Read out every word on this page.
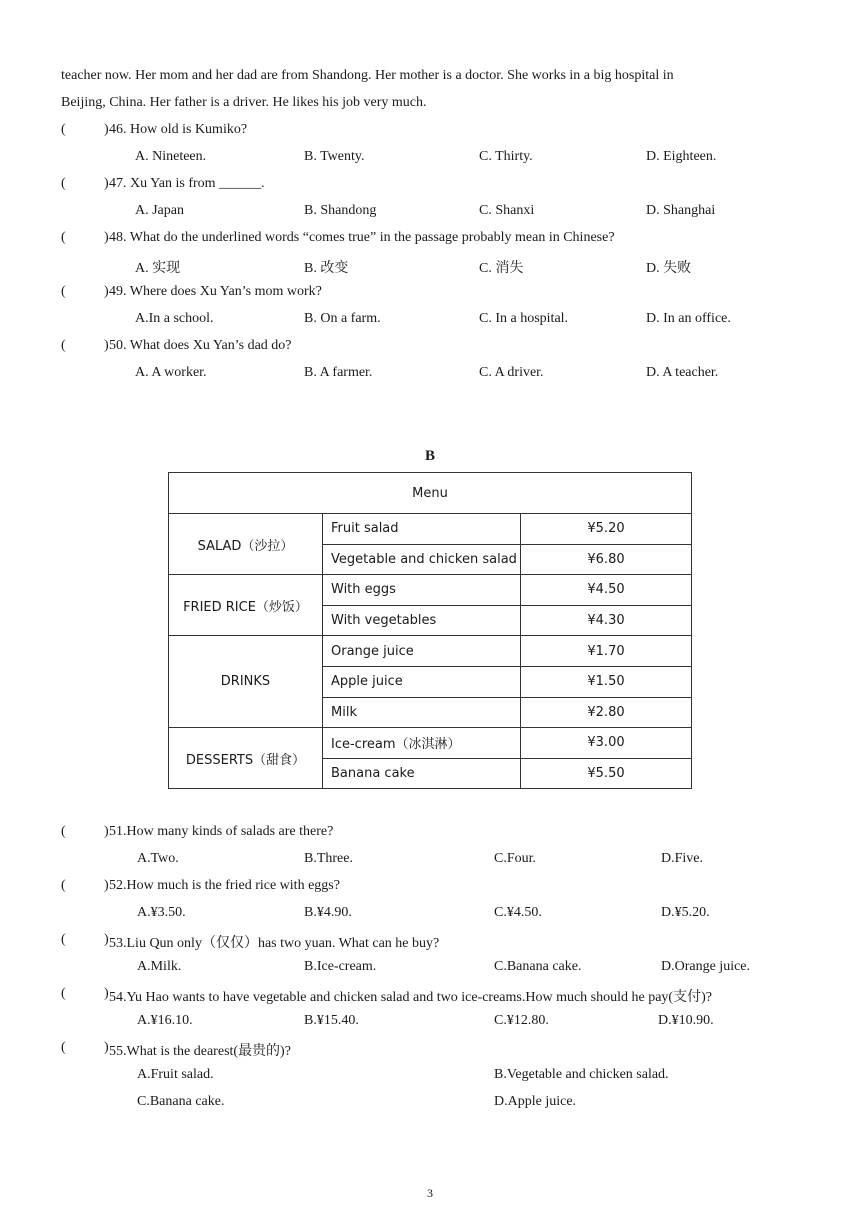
teacher now. Her mom and her dad are from Shandong. Her mother is a doctor. She works in a big hospital in
Beijing, China. Her father is a driver. He likes his job very much.
(	) 46. How old is Kumiko?
A. Nineteen.	B. Twenty.	C. Thirty.	D. Eighteen.
(	) 47. Xu Yan is from ______.
A. Japan	B. Shandong	C. Shanxi	D. Shanghai
(	) 48. What do the underlined words “comes true” in the passage probably mean in Chinese?
A. 实现	B. 改变	C. 消失	D. 失败
(	) 49. Where does Xu Yan’s mom work?
A.In a school.	B. On a farm.	C. In a hospital.	D. In an office.
(	) 50. What does Xu Yan’s dad do?
A. A worker.	B. A farmer.	C. A driver.	D. A teacher.
B
Menu		
SALAD（沙拉）	Fruit salad	¥5.20
	Vegetable and chicken salad	¥6.80
FRIED RICE（炒饭）	With eggs	¥4.50
	With vegetables	¥4.30
DRINKS	Orange juice	¥1.70
	Apple juice	¥1.50
	Milk	¥2.80
DESSERTS（甜食）	Ice-cream（冰淇淋）	¥3.00
	Banana cake	¥5.50
(	) 51.How many kinds of salads are there?
A.Two.	B.Three.	C.Four.	D.Five.
(	) 52.How much is the fried rice with eggs?
A.¥3.50.	B.¥4.90.	C.¥4.50.	D.¥5.20.
(	) 53.Liu Qun only（仅仅）has two yuan. What can he buy?
A.Milk.	B.Ice-cream.	C.Banana cake.	D.Orange juice.
(	) 54.Yu Hao wants to have vegetable and chicken salad and two ice-creams.How much should he pay(支付)?
A.¥16.10.	B.¥15.40.	C.¥12.80.	D.¥10.90.
(	) 55.What is the dearest(最贵的)?
A.Fruit salad.	B.Vegetable and chicken salad.
C.Banana cake.	D.Apple juice.
3
